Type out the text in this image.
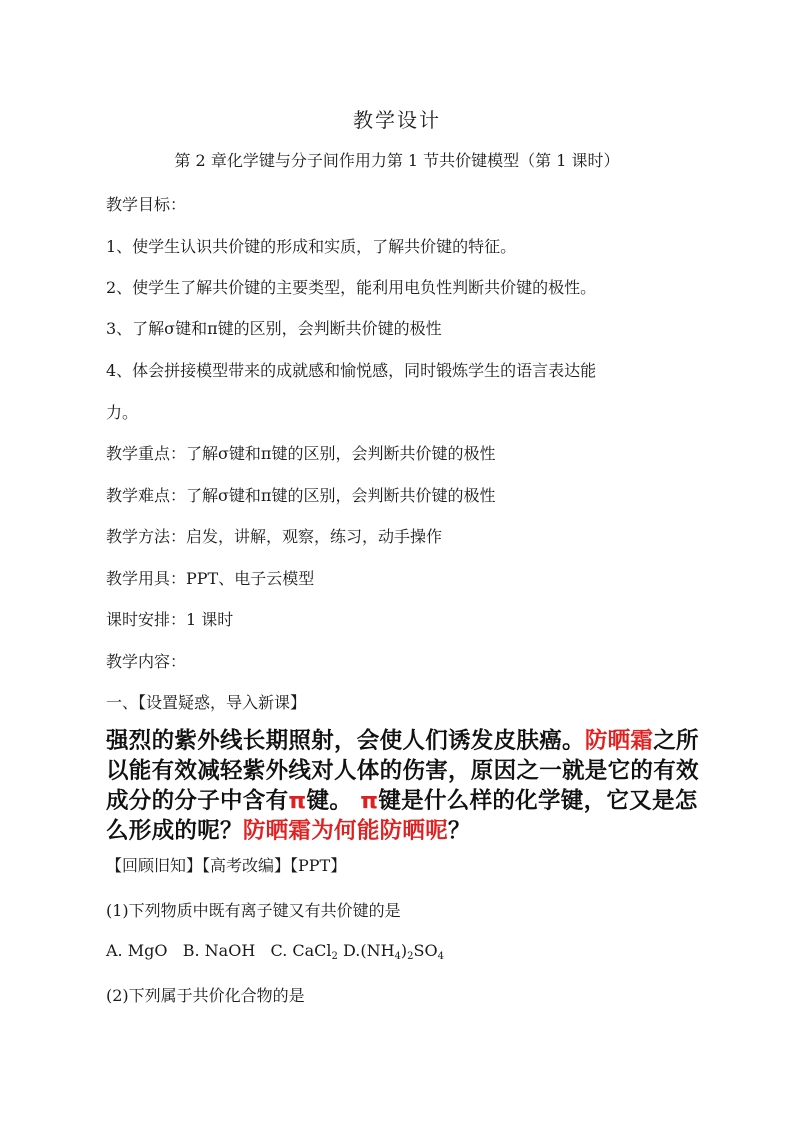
教学设计
第 2 章化学键与分子间作用力第 1 节共价键模型（第 1 课时）
教学目标：
1、使学生认识共价键的形成和实质，了解共价键的特征。
2、使学生了解共价键的主要类型，能利用电负性判断共价键的极性。
3、了解σ键和π键的区别，会判断共价键的极性
4、体会拼接模型带来的成就感和愉悦感，同时锻炼学生的语言表达能
力。
教学重点：了解σ键和π键的区别，会判断共价键的极性
教学难点：了解σ键和π键的区别，会判断共价键的极性
教学方法：启发，讲解，观察，练习，动手操作
教学用具：PPT、电子云模型
课时安排：1 课时
教学内容：
一、【设置疑惑，导入新课】
强烈的紫外线长期照射，会使人们诱发皮肤癌。防晒霜之所以能有效减轻紫外线对人体的伤害，原因之一就是它的有效成分的分子中含有π键。 π键是什么样的化学键，它又是怎么形成的呢？防晒霜为何能防晒呢？
【回顾旧知】【高考改编】【PPT】
(1)下列物质中既有离子键又有共价键的是
A. MgO B. NaOH C. CaCl$_2$ $D.(NH_4)_2SO_4$
(2)下列属于共价化合物的是
